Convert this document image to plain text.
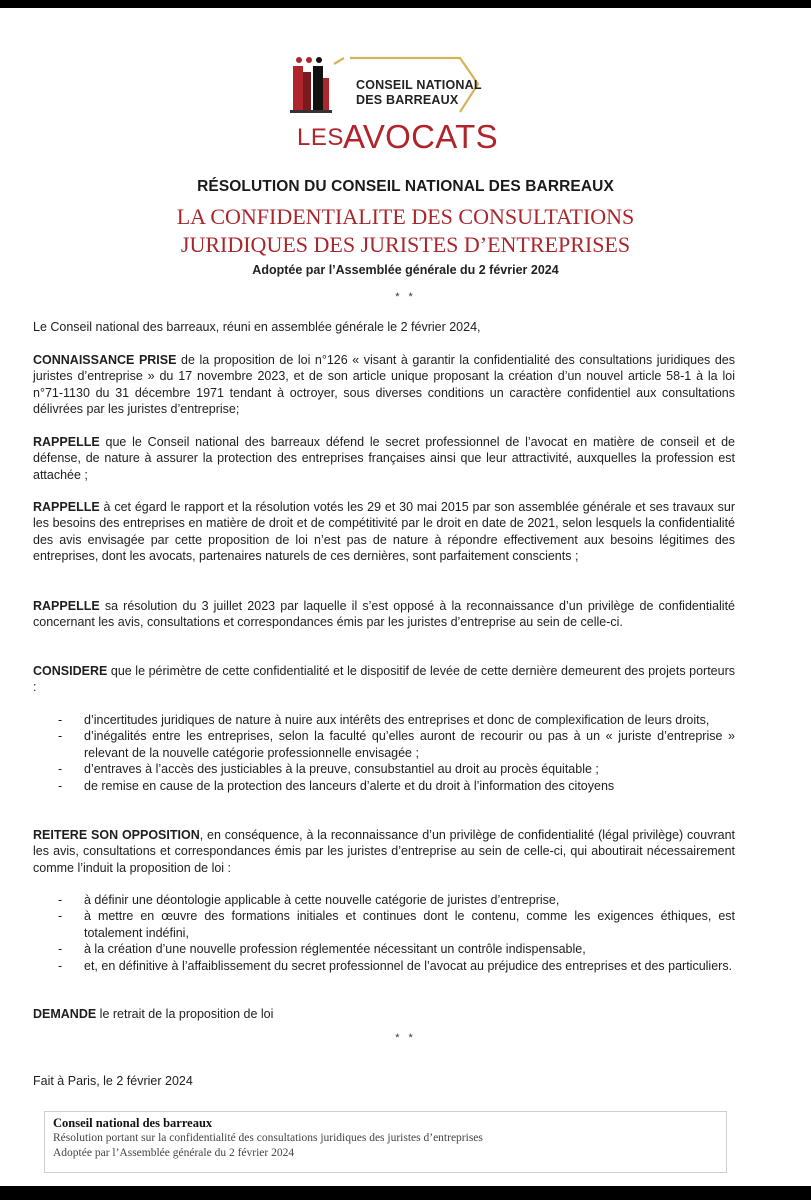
CONSEIL NATIONAL
DES BARREAUX
LES AVOCATS
RÉSOLUTION DU CONSEIL NATIONAL DES BARREAUX
LA CONFIDENTIALITE DES CONSULTATIONS
JURIDIQUES DES JURISTES D’ENTREPRISES
Adoptée par l’Assemblée générale du 2 février 2024
* *

Le Conseil national des barreaux, réuni en assemblée générale le 2 février 2024,

CONNAISSANCE PRISE de la proposition de loi n°126 « visant à garantir la confidentialité des consultations juridiques des juristes d’entreprise » du 17 novembre 2023, et de son article unique proposant la création d’un nouvel article 58-1 à la loi n°71-1130 du 31 décembre 1971 tendant à octroyer, sous diverses conditions un caractère confidentiel aux consultations délivrées par les juristes d’entreprise;

RAPPELLE que le Conseil national des barreaux défend le secret professionnel de l’avocat en matière de conseil et de défense, de nature à assurer la protection des entreprises françaises ainsi que leur attractivité, auxquelles la profession est attachée ;

RAPPELLE à cet égard le rapport et la résolution votés les 29 et 30 mai 2015 par son assemblée générale et ses travaux sur les besoins des entreprises en matière de droit et de compétitivité par le droit en date de 2021, selon lesquels la confidentialité des avis envisagée par cette proposition de loi n’est pas de nature à répondre effectivement aux besoins légitimes des entreprises, dont les avocats, partenaires naturels de ces dernières, sont parfaitement conscients ;

RAPPELLE sa résolution du 3 juillet 2023 par laquelle il s’est opposé à la reconnaissance d’un privilège de confidentialité concernant les avis, consultations et correspondances émis par les juristes d’entreprise au sein de celle-ci.

CONSIDERE que le périmètre de cette confidentialité et le dispositif de levée de cette dernière demeurent des projets porteurs :

- d’incertitudes juridiques de nature à nuire aux intérêts des entreprises et donc de complexification de leurs droits,
- d’inégalités entre les entreprises, selon la faculté qu’elles auront de recourir ou pas à un « juriste d’entreprise » relevant de la nouvelle catégorie professionnelle envisagée ;
- d’entraves à l’accès des justiciables à la preuve, consubstantiel au droit au procès équitable ;
- de remise en cause de la protection des lanceurs d’alerte et du droit à l’information des citoyens

REITERE SON OPPOSITION, en conséquence, à la reconnaissance d’un privilège de confidentialité (légal privilège) couvrant les avis, consultations et correspondances émis par les juristes d’entreprise au sein de celle-ci, qui aboutirait nécessairement comme l’induit la proposition de loi :

- à définir une déontologie applicable à cette nouvelle catégorie de juristes d’entreprise,
- à mettre en œuvre des formations initiales et continues dont le contenu, comme les exigences éthiques, est totalement indéfini,
- à la création d’une nouvelle profession réglementée nécessitant un contrôle indispensable,
- et, en définitive à l’affaiblissement du secret professionnel de l’avocat au préjudice des entreprises et des particuliers.

DEMANDE le retrait de la proposition de loi

* *

Fait à Paris, le 2 février 2024

Conseil national des barreaux
Résolution portant sur la confidentialité des consultations juridiques des juristes d’entreprises
Adoptée par l’Assemblée générale du 2 février 2024
